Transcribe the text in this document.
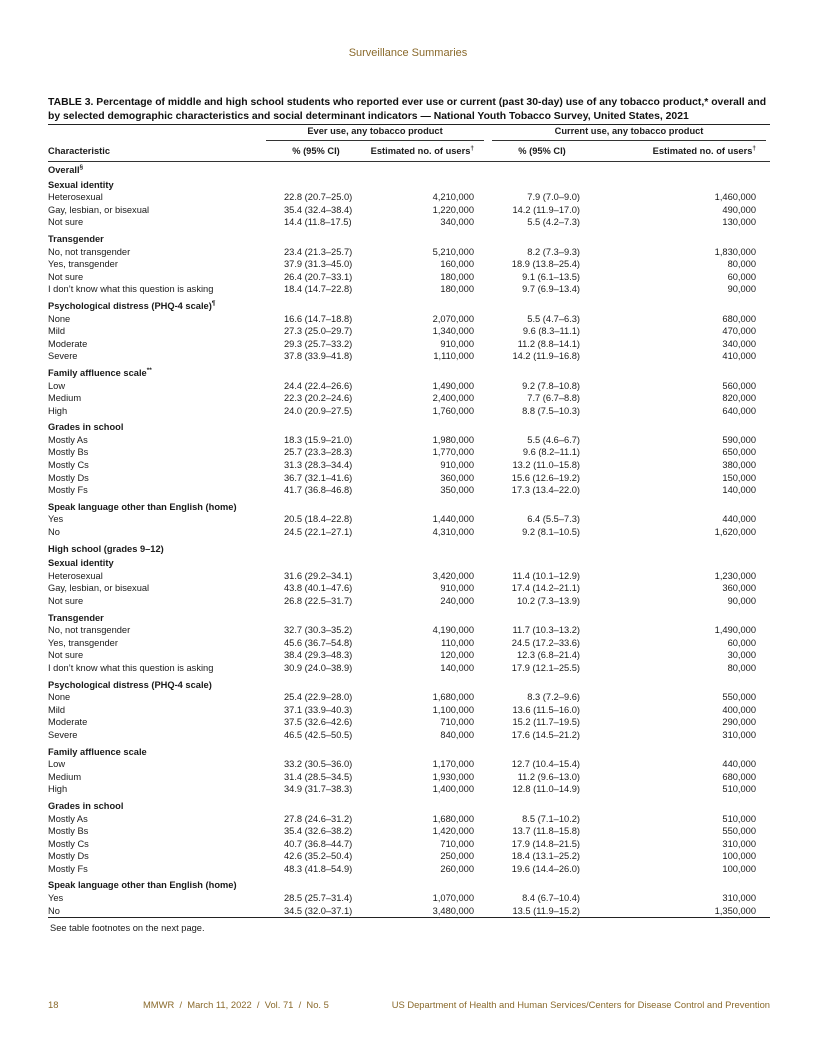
Surveillance Summaries
TABLE 3. Percentage of middle and high school students who reported ever use or current (past 30-day) use of any tobacco product,* overall and by selected demographic characteristics and social determinant indicators — National Youth Tobacco Survey, United States, 2021

	Ever use, any tobacco product		Current use, any tobacco product	

Characteristic	% (95% CI)	Estimated no. of users†	% (95% CI)	Estimated no. of users†
Overall§
Sexual identity				
Heterosexual	22.8 (20.7–25.0)	4,210,000	7.9 (7.0–9.0)	1,460,000
Gay, lesbian, or bisexual	35.4 (32.4–38.4)	1,220,000	14.2 (11.9–17.0)	490,000
Not sure	14.4 (11.8–17.5)	340,000	5.5 (4.2–7.3)	130,000
Transgender				
No, not transgender	23.4 (21.3–25.7)	5,210,000	8.2 (7.3–9.3)	1,830,000
Yes, transgender	37.9 (31.3–45.0)	160,000	18.9 (13.8–25.4)	80,000
Not sure	26.4 (20.7–33.1)	180,000	9.1 (6.1–13.5)	60,000
I don’t know what this question is asking	18.4 (14.7–22.8)	180,000	9.7 (6.9–13.4)	90,000
Psychological distress (PHQ-4 scale)¶
None	16.6 (14.7–18.8)	2,070,000	5.5 (4.7–6.3)	680,000
Mild	27.3 (25.0–29.7)	1,340,000	9.6 (8.3–11.1)	470,000
Moderate	29.3 (25.7–33.2)	910,000	11.2 (8.8–14.1)	340,000
Severe	37.8 (33.9–41.8)	1,110,000	14.2 (11.9–16.8)	410,000
Family affluence scale**
Low	24.4 (22.4–26.6)	1,490,000	9.2 (7.8–10.8)	560,000
Medium	22.3 (20.2–24.6)	2,400,000	7.7 (6.7–8.8)	820,000
High	24.0 (20.9–27.5)	1,760,000	8.8 (7.5–10.3)	640,000
Grades in school				
Mostly As	18.3 (15.9–21.0)	1,980,000	5.5 (4.6–6.7)	590,000
Mostly Bs	25.7 (23.3–28.3)	1,770,000	9.6 (8.2–11.1)	650,000
Mostly Cs	31.3 (28.3–34.4)	910,000	13.2 (11.0–15.8)	380,000
Mostly Ds	36.7 (32.1–41.6)	360,000	15.6 (12.6–19.2)	150,000
Mostly Fs	41.7 (36.8–46.8)	350,000	17.3 (13.4–22.0)	140,000
Speak language other than English (home)				
Yes	20.5 (18.4–22.8)	1,440,000	6.4 (5.5–7.3)	440,000
No	24.5 (22.1–27.1)	4,310,000	9.2 (8.1–10.5)	1,620,000
High school (grades 9–12)				
Sexual identity				
Heterosexual	31.6 (29.2–34.1)	3,420,000	11.4 (10.1–12.9)	1,230,000
Gay, lesbian, or bisexual	43.8 (40.1–47.6)	910,000	17.4 (14.2–21.1)	360,000
Not sure	26.8 (22.5–31.7)	240,000	10.2 (7.3–13.9)	90,000
Transgender				
No, not transgender	32.7 (30.3–35.2)	4,190,000	11.7 (10.3–13.2)	1,490,000
Yes, transgender	45.6 (36.7–54.8)	110,000	24.5 (17.2–33.6)	60,000
Not sure	38.4 (29.3–48.3)	120,000	12.3 (6.8–21.4)	30,000
I don’t know what this question is asking	30.9 (24.0–38.9)	140,000	17.9 (12.1–25.5)	80,000
Psychological distress (PHQ-4 scale)				
None	25.4 (22.9–28.0)	1,680,000	8.3 (7.2–9.6)	550,000
Mild	37.1 (33.9–40.3)	1,100,000	13.6 (11.5–16.0)	400,000
Moderate	37.5 (32.6–42.6)	710,000	15.2 (11.7–19.5)	290,000
Severe	46.5 (42.5–50.5)	840,000	17.6 (14.5–21.2)	310,000
Family affluence scale				
Low	33.2 (30.5–36.0)	1,170,000	12.7 (10.4–15.4)	440,000
Medium	31.4 (28.5–34.5)	1,930,000	11.2 (9.6–13.0)	680,000
High	34.9 (31.7–38.3)	1,400,000	12.8 (11.0–14.9)	510,000
Grades in school				
Mostly As	27.8 (24.6–31.2)	1,680,000	8.5 (7.1–10.2)	510,000
Mostly Bs	35.4 (32.6–38.2)	1,420,000	13.7 (11.8–15.8)	550,000
Mostly Cs	40.7 (36.8–44.7)	710,000	17.9 (14.8–21.5)	310,000
Mostly Ds	42.6 (35.2–50.4)	250,000	18.4 (13.1–25.2)	100,000
Mostly Fs	48.3 (41.8–54.9)	260,000	19.6 (14.4–26.0)	100,000
Speak language other than English (home)				
Yes	28.5 (25.7–31.4)	1,070,000	8.4 (6.7–10.4)	310,000
No	34.5 (32.0–37.1)	3,480,000	13.5 (11.9–15.2)	1,350,000
See table footnotes on the next page.
18	MMWR  /  March 11, 2022  /  Vol. 71  /  No. 5	US Department of Health and Human Services/Centers for Disease Control and Prevention
